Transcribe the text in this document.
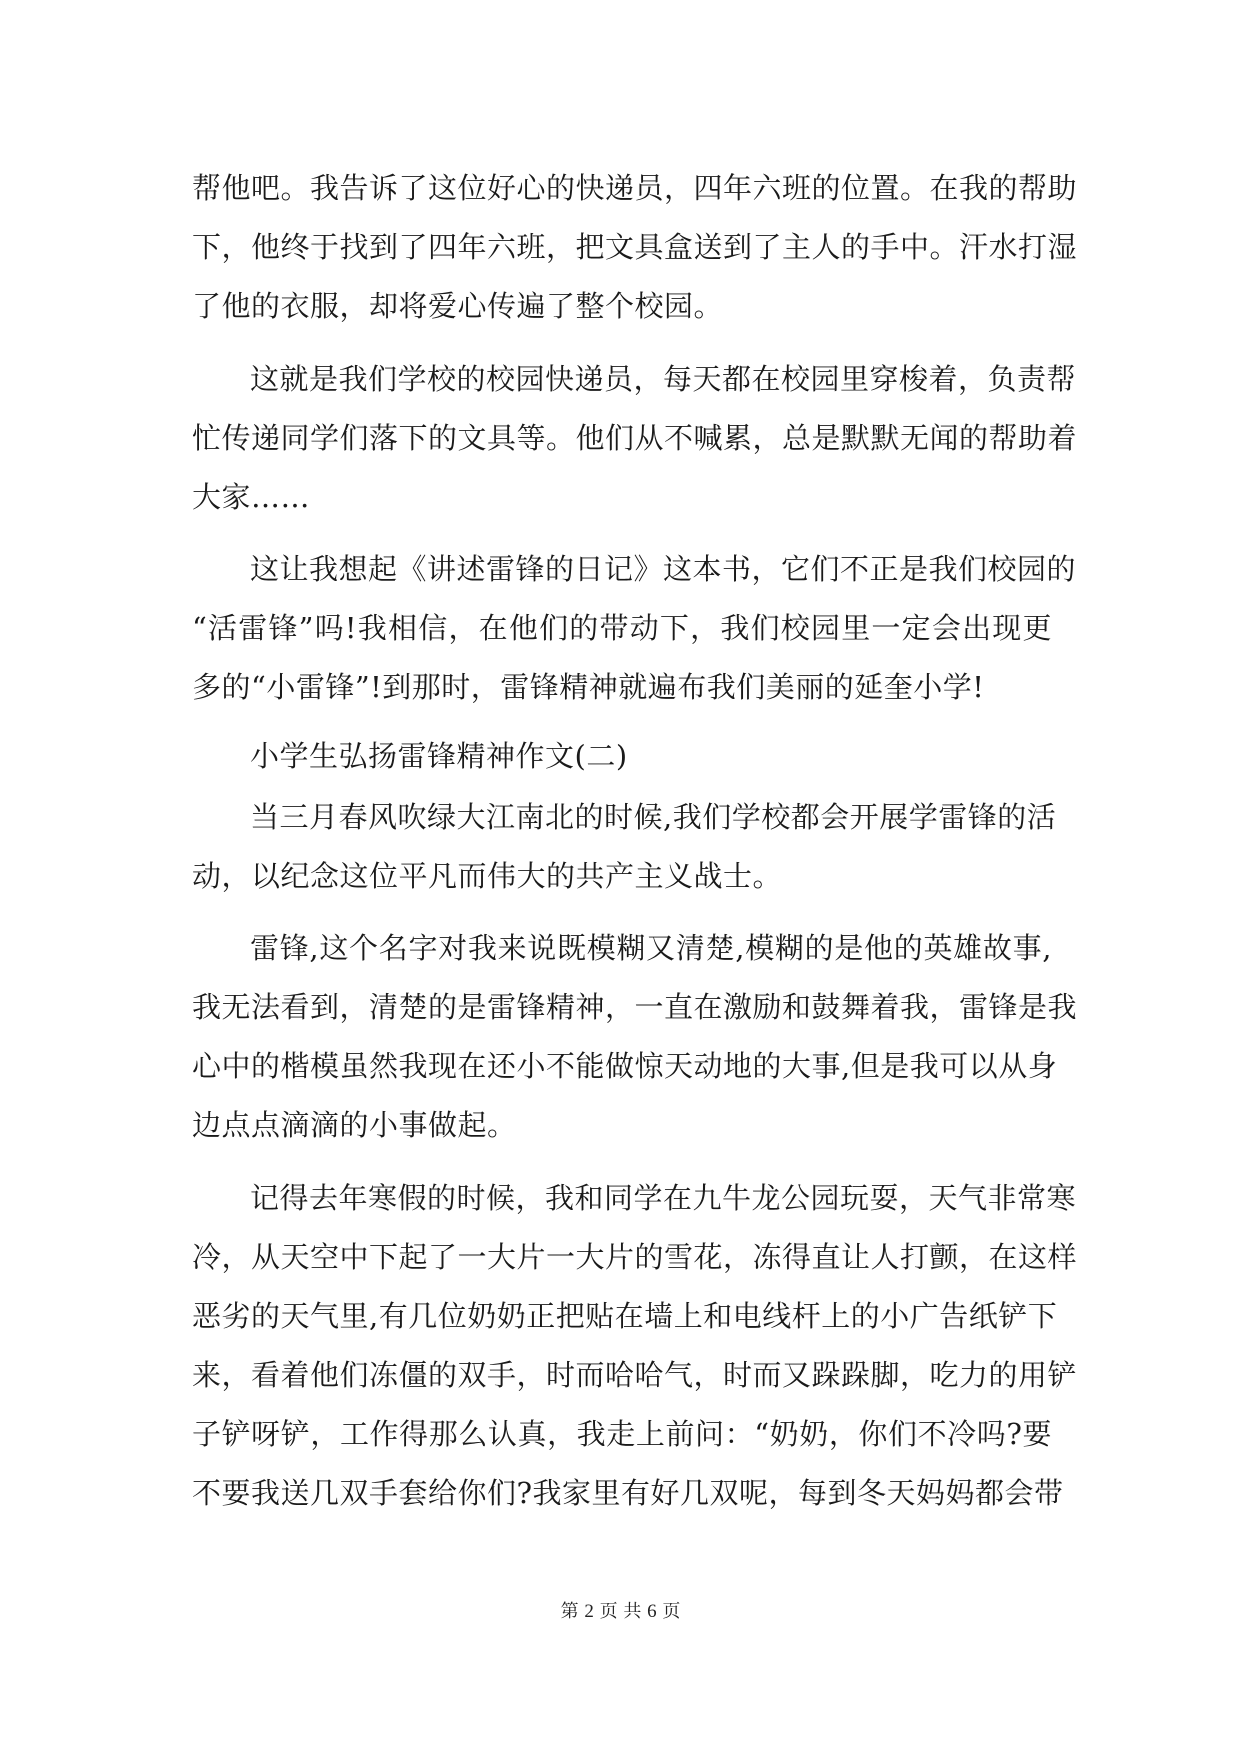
帮他吧。我告诉了这位好心的快递员，四年六班的位置。在我的帮助
下，他终于找到了四年六班，把文具盒送到了主人的手中。汗水打湿
了他的衣服，却将爱心传遍了整个校园。
这就是我们学校的校园快递员，每天都在校园里穿梭着，负责帮
忙传递同学们落下的文具等。他们从不喊累，总是默默无闻的帮助着
大家……
这让我想起《讲述雷锋的日记》这本书，它们不正是我们校园的
“活雷锋”吗!我相信，在他们的带动下，我们校园里一定会出现更
多的“小雷锋”!到那时，雷锋精神就遍布我们美丽的延奎小学!
小学生弘扬雷锋精神作文(二)
当三月春风吹绿大江南北的时候,我们学校都会开展学雷锋的活
动，以纪念这位平凡而伟大的共产主义战士。
雷锋,这个名字对我来说既模糊又清楚,模糊的是他的英雄故事,
我无法看到，清楚的是雷锋精神，一直在激励和鼓舞着我，雷锋是我
心中的楷模虽然我现在还小不能做惊天动地的大事,但是我可以从身
边点点滴滴的小事做起。
记得去年寒假的时候，我和同学在九牛龙公园玩耍，天气非常寒
冷，从天空中下起了一大片一大片的雪花，冻得直让人打颤，在这样
恶劣的天气里,有几位奶奶正把贴在墙上和电线杆上的小广告纸铲下
来，看着他们冻僵的双手，时而哈哈气，时而又跺跺脚，吃力的用铲
子铲呀铲，工作得那么认真，我走上前问：“奶奶，你们不冷吗?要
不要我送几双手套给你们?我家里有好几双呢，每到冬天妈妈都会带
第 2 页 共 6 页
